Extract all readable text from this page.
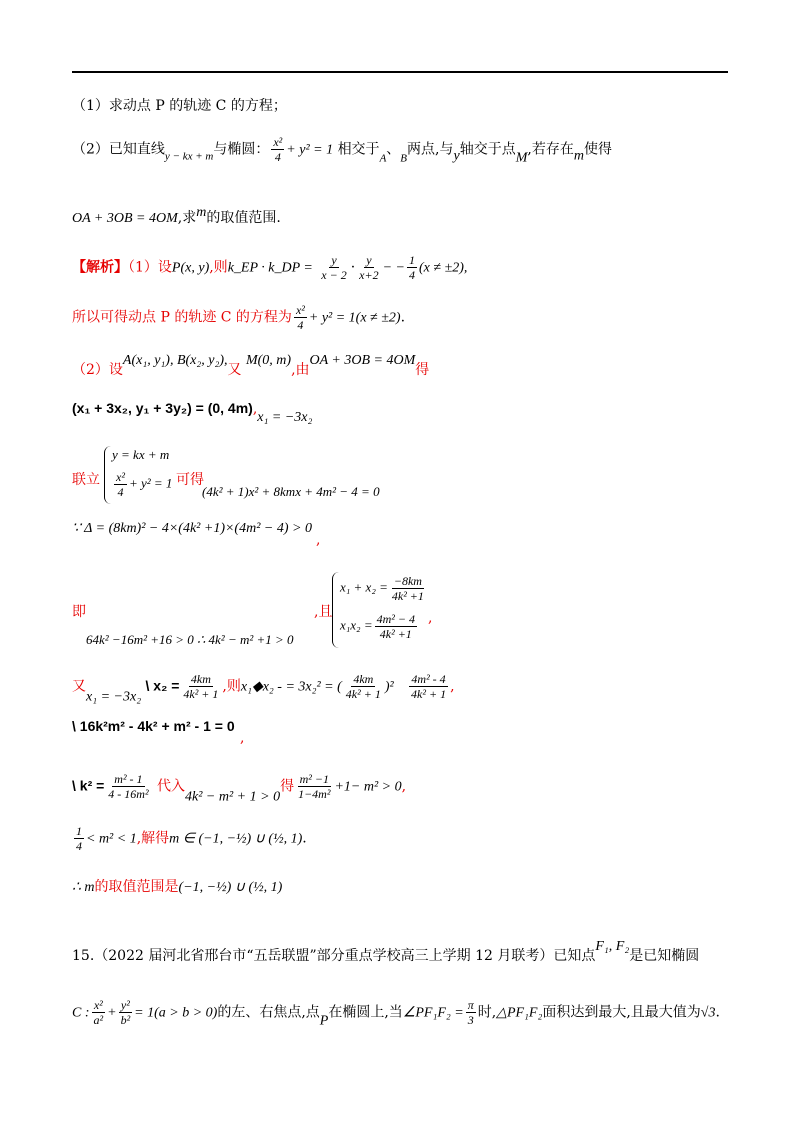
（1）求动点 P 的轨迹 C 的方程；
（2）已知直线$_{y - kx + m}$与椭圆： $\frac{\text{x²}}{4} + y^2 = 1$ 相交于$_A$、$_B$两点,与y轴交于点M,若存在m使得
OA + 3OB = 4OM,求m的取值范围.
【解析】（1）设P(x, y),则k_EP · k_DP = $\frac{y}{x - 2} \cdot \frac{y}{x+2}$ − − $\frac{1}{4} (x \ne \pm 2)$,
所以可得动点 P 的轨迹 C 的方程为 $\frac{\text{x²}}{4} + y^2 = 1(x \ne \pm 2)$.
（2）设A(x₁, y₁), B(x₂, y₂),又 M(0, m),由OA + 3OB = 4OM得
(x₁ + 3x₂, y₁ + 3y₂) = (0, 4m),x₁ = −3x₂
联立
y = kx + m
$\frac{\text{x²}}{4} + y^2 = 1$ 可得
(4k² + 1)x² + 8kmx + 4m² − 4 = 0
∵ Δ = (8km)² − 4×(4k² +1)×(4m² − 4) > 0
,
即
64k² −16m² +16 > 0 ∴ 4k² − m² +1 > 0
,且
$x_1 + x_2 = \frac{-8km}{\text{4k² +1}}$
$x_1x_2 = \frac{\text{4m² − 4}}{\text{4k² +1}}$ ,
又x₁ = −3x₂ \ $x_2 = \frac{4km}{\text{4k² + 1}}$ ,则x₁◆x₂ - = 3x₂² = ( $\frac{4km}{\text{4k² + 1}} )^2 \frac{\text{4m² - 4}}{\text{4k² + 1}}$ ,
\ 16k²m² - 4k² + m² - 1 = 0
,
\ $k^2 = \frac{\text{m² - 1}}{\text{4 - 16m²}}$ 代入4k² − m² + 1 > 0得 $\frac{\text{m² −1}}{\text{1−4m²}} +1- m^2 > 0$,
$\frac{1}{4} < m^2 < 1$,解得m ∈ (−1, −½) ∪ (½, 1).
∴ m的取值范围是(−1, −½) ∪ (½, 1)
15.（2022 届河北省邢台市“五岳联盟”部分重点学校高三上学期 12 月联考）已知点F₁, F₂是已知椭圆
C : $\frac{\text{x²}}{\text{a²}} + \frac{\text{y²}}{\text{b²}} = 1(a > b > 0)$的左、右焦点,点P在椭圆上,当∠PF₁F₂ = $\frac{\pi}{3}$ 时,△PF₁F₂面积达到最大,且最大值为√3.
